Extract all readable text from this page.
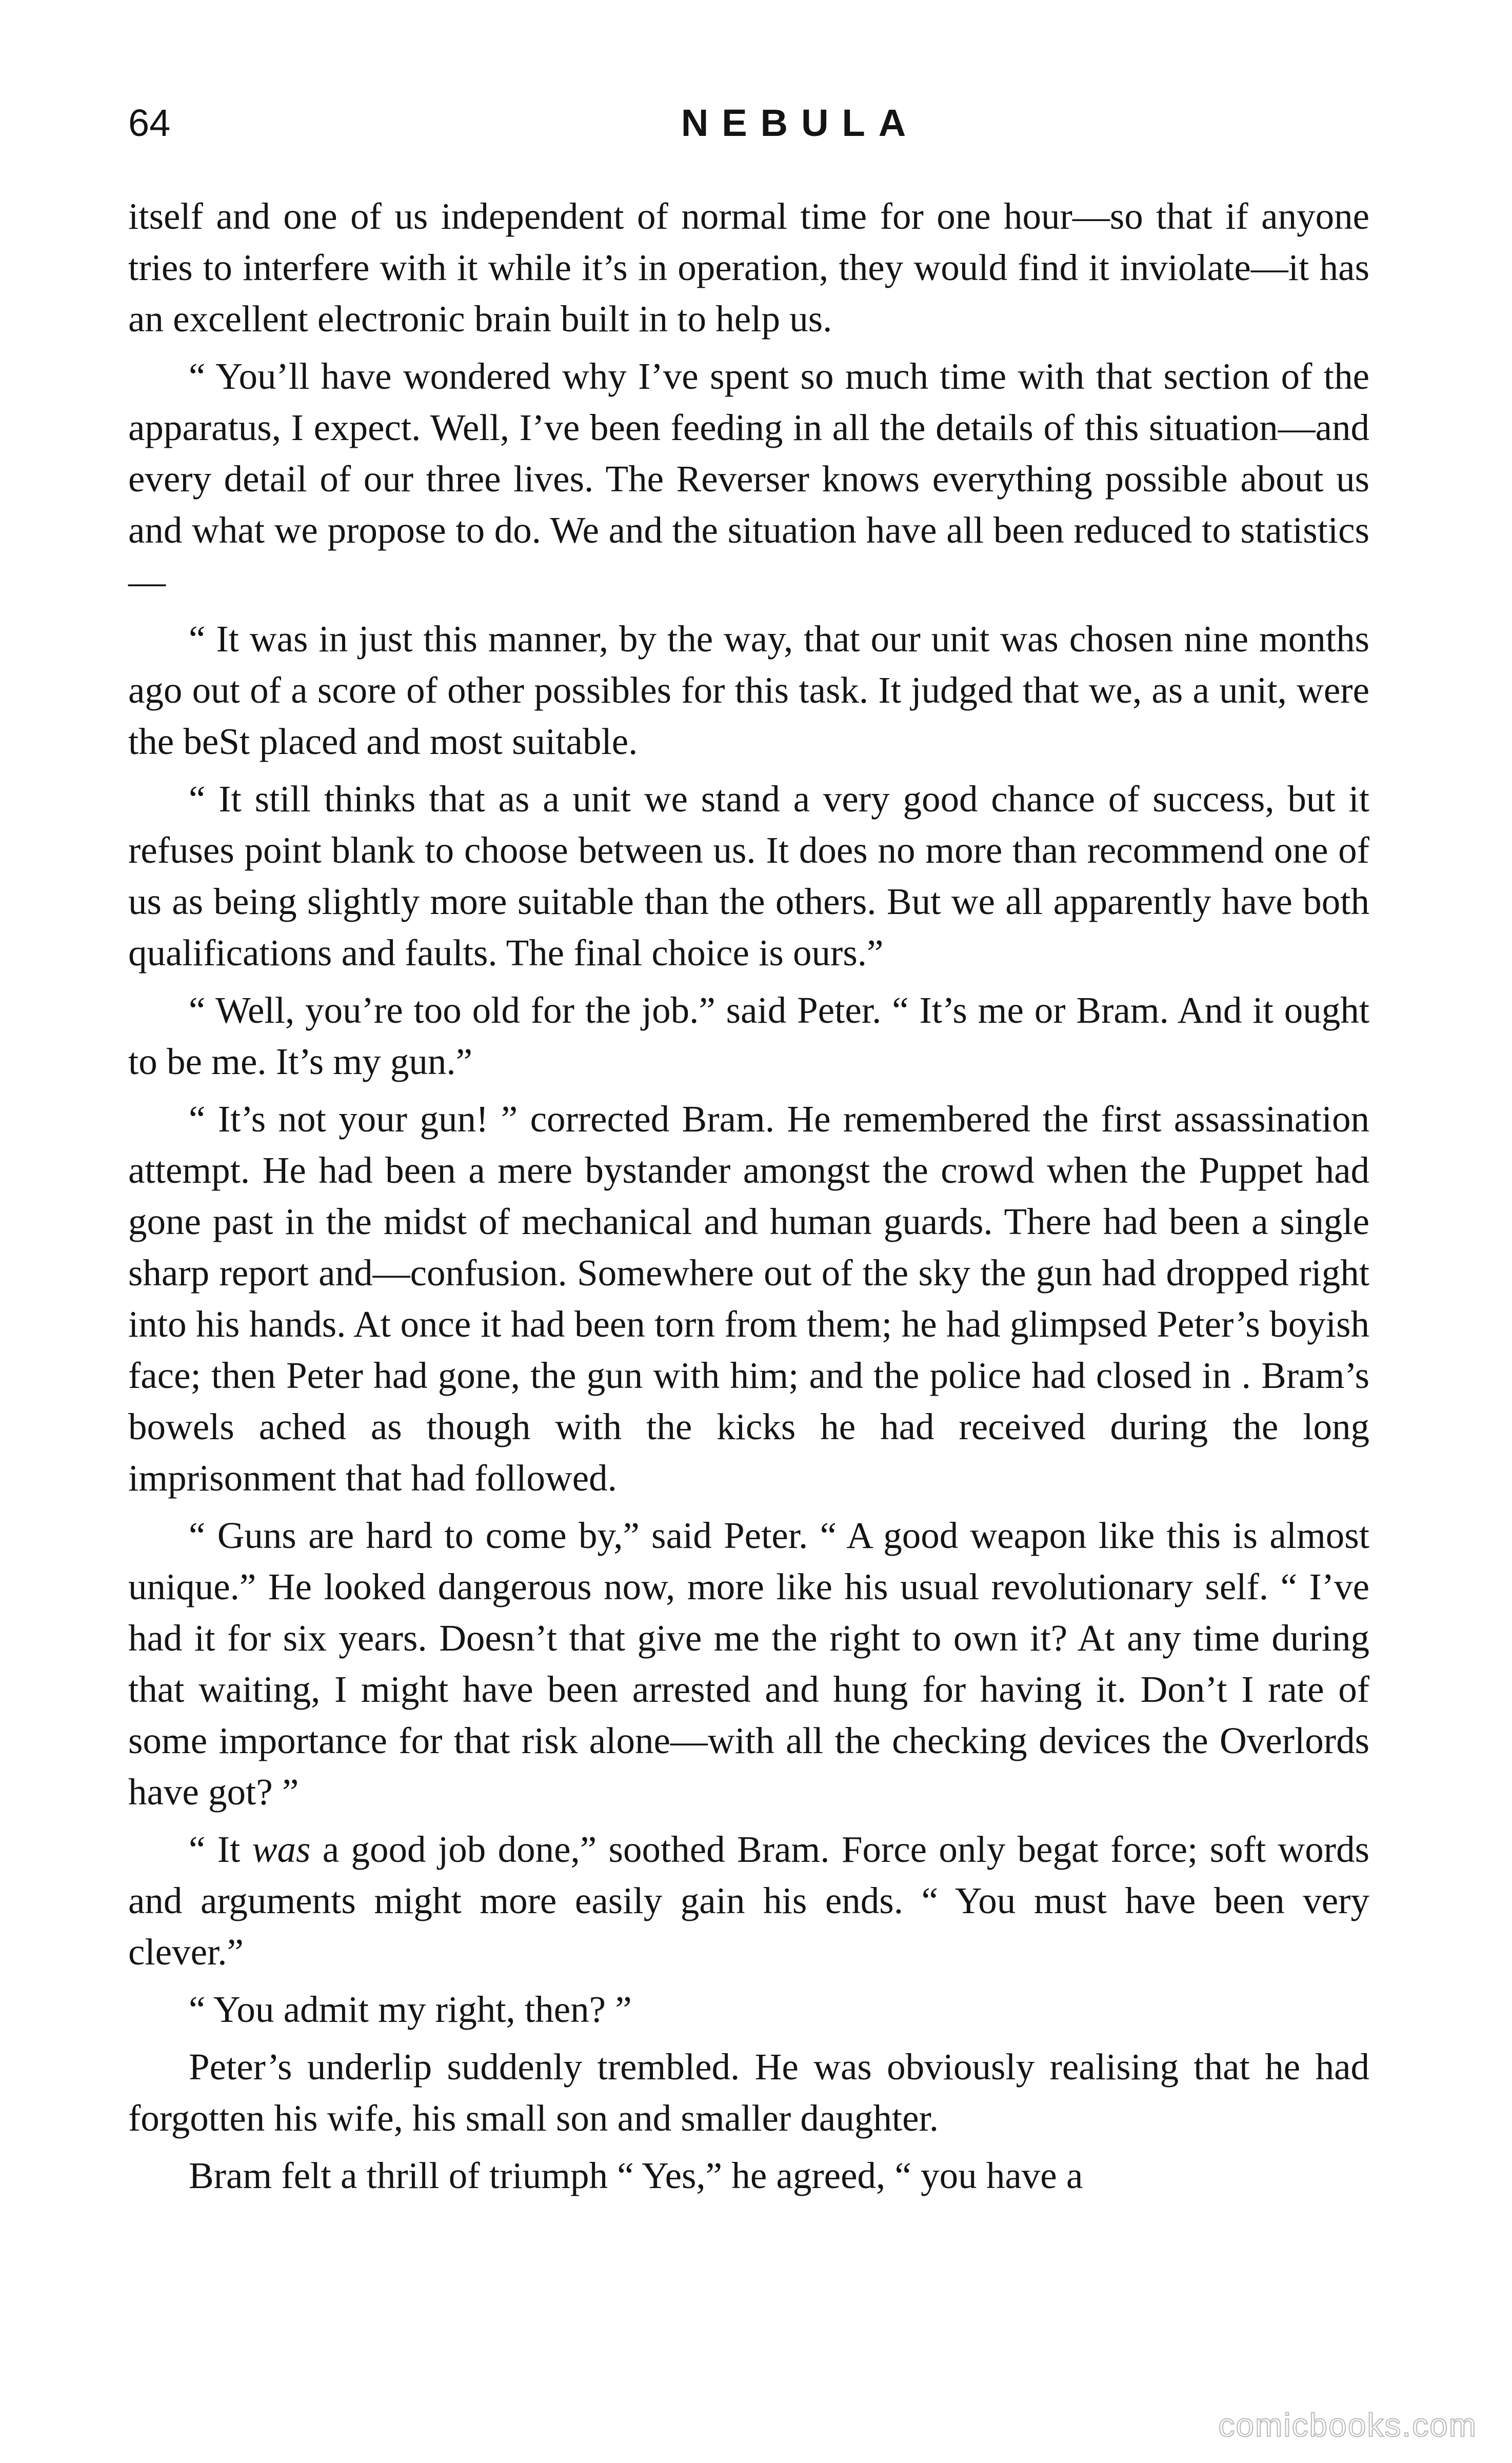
64	NEBULA

itself and one of us independent of normal time for one hour—so that if anyone tries to interfere with it while it’s in operation, they would find it inviolate—it has an excellent electronic brain built in to help us.

“ You’ll have wondered why I’ve spent so much time with that section of the apparatus, I expect. Well, I’ve been feeding in all the details of this situation—and every detail of our three lives. The Reverser knows everything possible about us and what we propose to do. We and the situation have all been reduced to statistics—

“ It was in just this manner, by the way, that our unit was chosen nine months ago out of a score of other possibles for this task. It judged that we, as a unit, were the beSt placed and most suitable.

“ It still thinks that as a unit we stand a very good chance of success, but it refuses point blank to choose between us. It does no more than recommend one of us as being slightly more suitable than the others. But we all apparently have both qualifications and faults. The final choice is ours.”

“ Well, you’re too old for the job.” said Peter. “ It’s me or Bram. And it ought to be me. It’s my gun.”

“ It’s not your gun! ” corrected Bram. He remembered the first assassination attempt. He had been a mere bystander amongst the crowd when the Puppet had gone past in the midst of mechanical and human guards. There had been a single sharp report and—confusion. Somewhere out of the sky the gun had dropped right into his hands. At once it had been torn from them; he had glimpsed Peter’s boyish face; then Peter had gone, the gun with him; and the police had closed in . Bram’s bowels ached as though with the kicks he had received during the long imprisonment that had followed.

“ Guns are hard to come by,” said Peter. “ A good weapon like this is almost unique.” He looked dangerous now, more like his usual revolutionary self. “ I’ve had it for six years. Doesn’t that give me the right to own it? At any time during that waiting, I might have been arrested and hung for having it. Don’t I rate of some importance for that risk alone—with all the checking devices the Overlords have got? ”

“ It was a good job done,” soothed Bram. Force only begat force; soft words and arguments might more easily gain his ends. “ You must have been very clever.”

“ You admit my right, then? ”

Peter’s underlip suddenly trembled. He was obviously realising that he had forgotten his wife, his small son and smaller daughter.

Bram felt a thrill of triumph “ Yes,” he agreed, “ you have a

comicbooks.com
